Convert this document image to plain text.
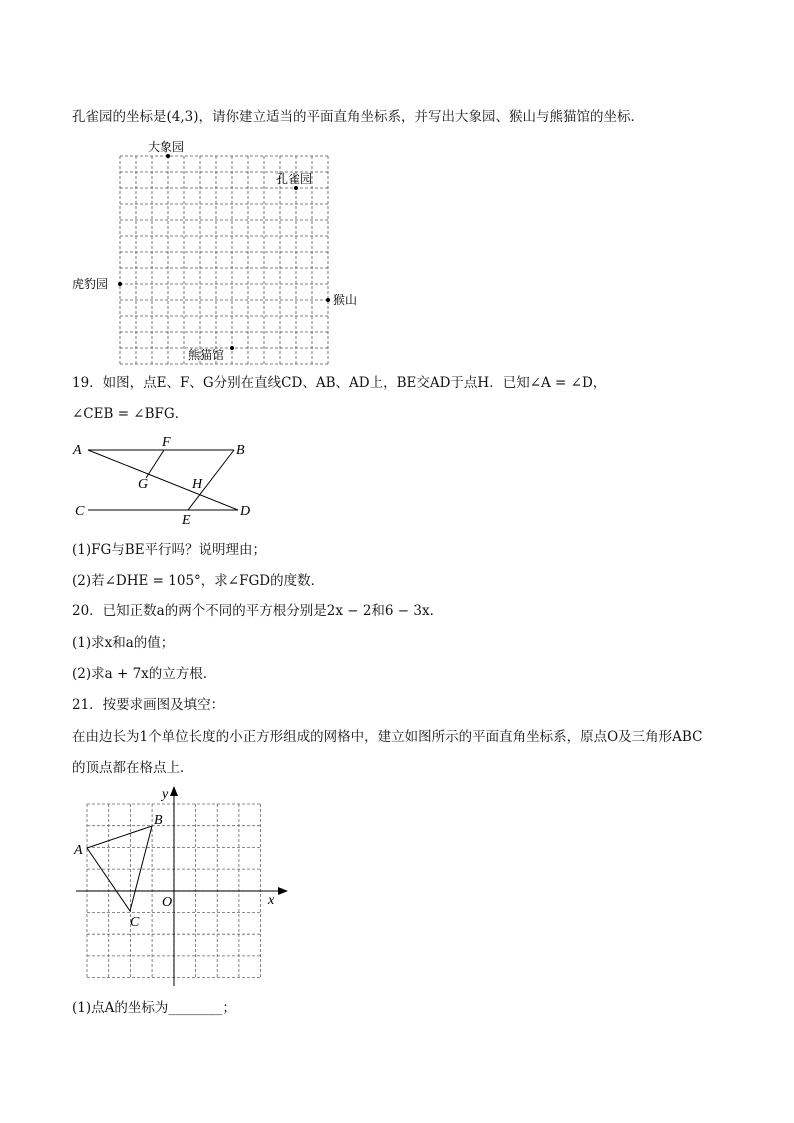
孔雀园的坐标是(4,3)，请你建立适当的平面直角坐标系，并写出大象园、猴山与熊猫馆的坐标．
大象园
孔雀园
虎豹园
猴山
熊猫馆
19．如图，点E、F、G分别在直线CD、AB、AD上，BE交AD于点H．已知∠A = ∠D，
∠CEB = ∠BFG．
A
F
B
G	H
C
E
D
(1)FG与BE平行吗？说明理由；
(2)若∠DHE = 105°，求∠FGD的度数．
20．已知正数a的两个不同的平方根分别是2x − 2和6 − 3x．
(1)求x和a的值；
(2)求a + 7x的立方根．
21．按要求画图及填空：
在由边长为1个单位长度的小正方形组成的网格中，建立如图所示的平面直角坐标系，原点O及三角形ABC
的顶点都在格点上．
y
x
O
A
B
C
(1)点A的坐标为________；
